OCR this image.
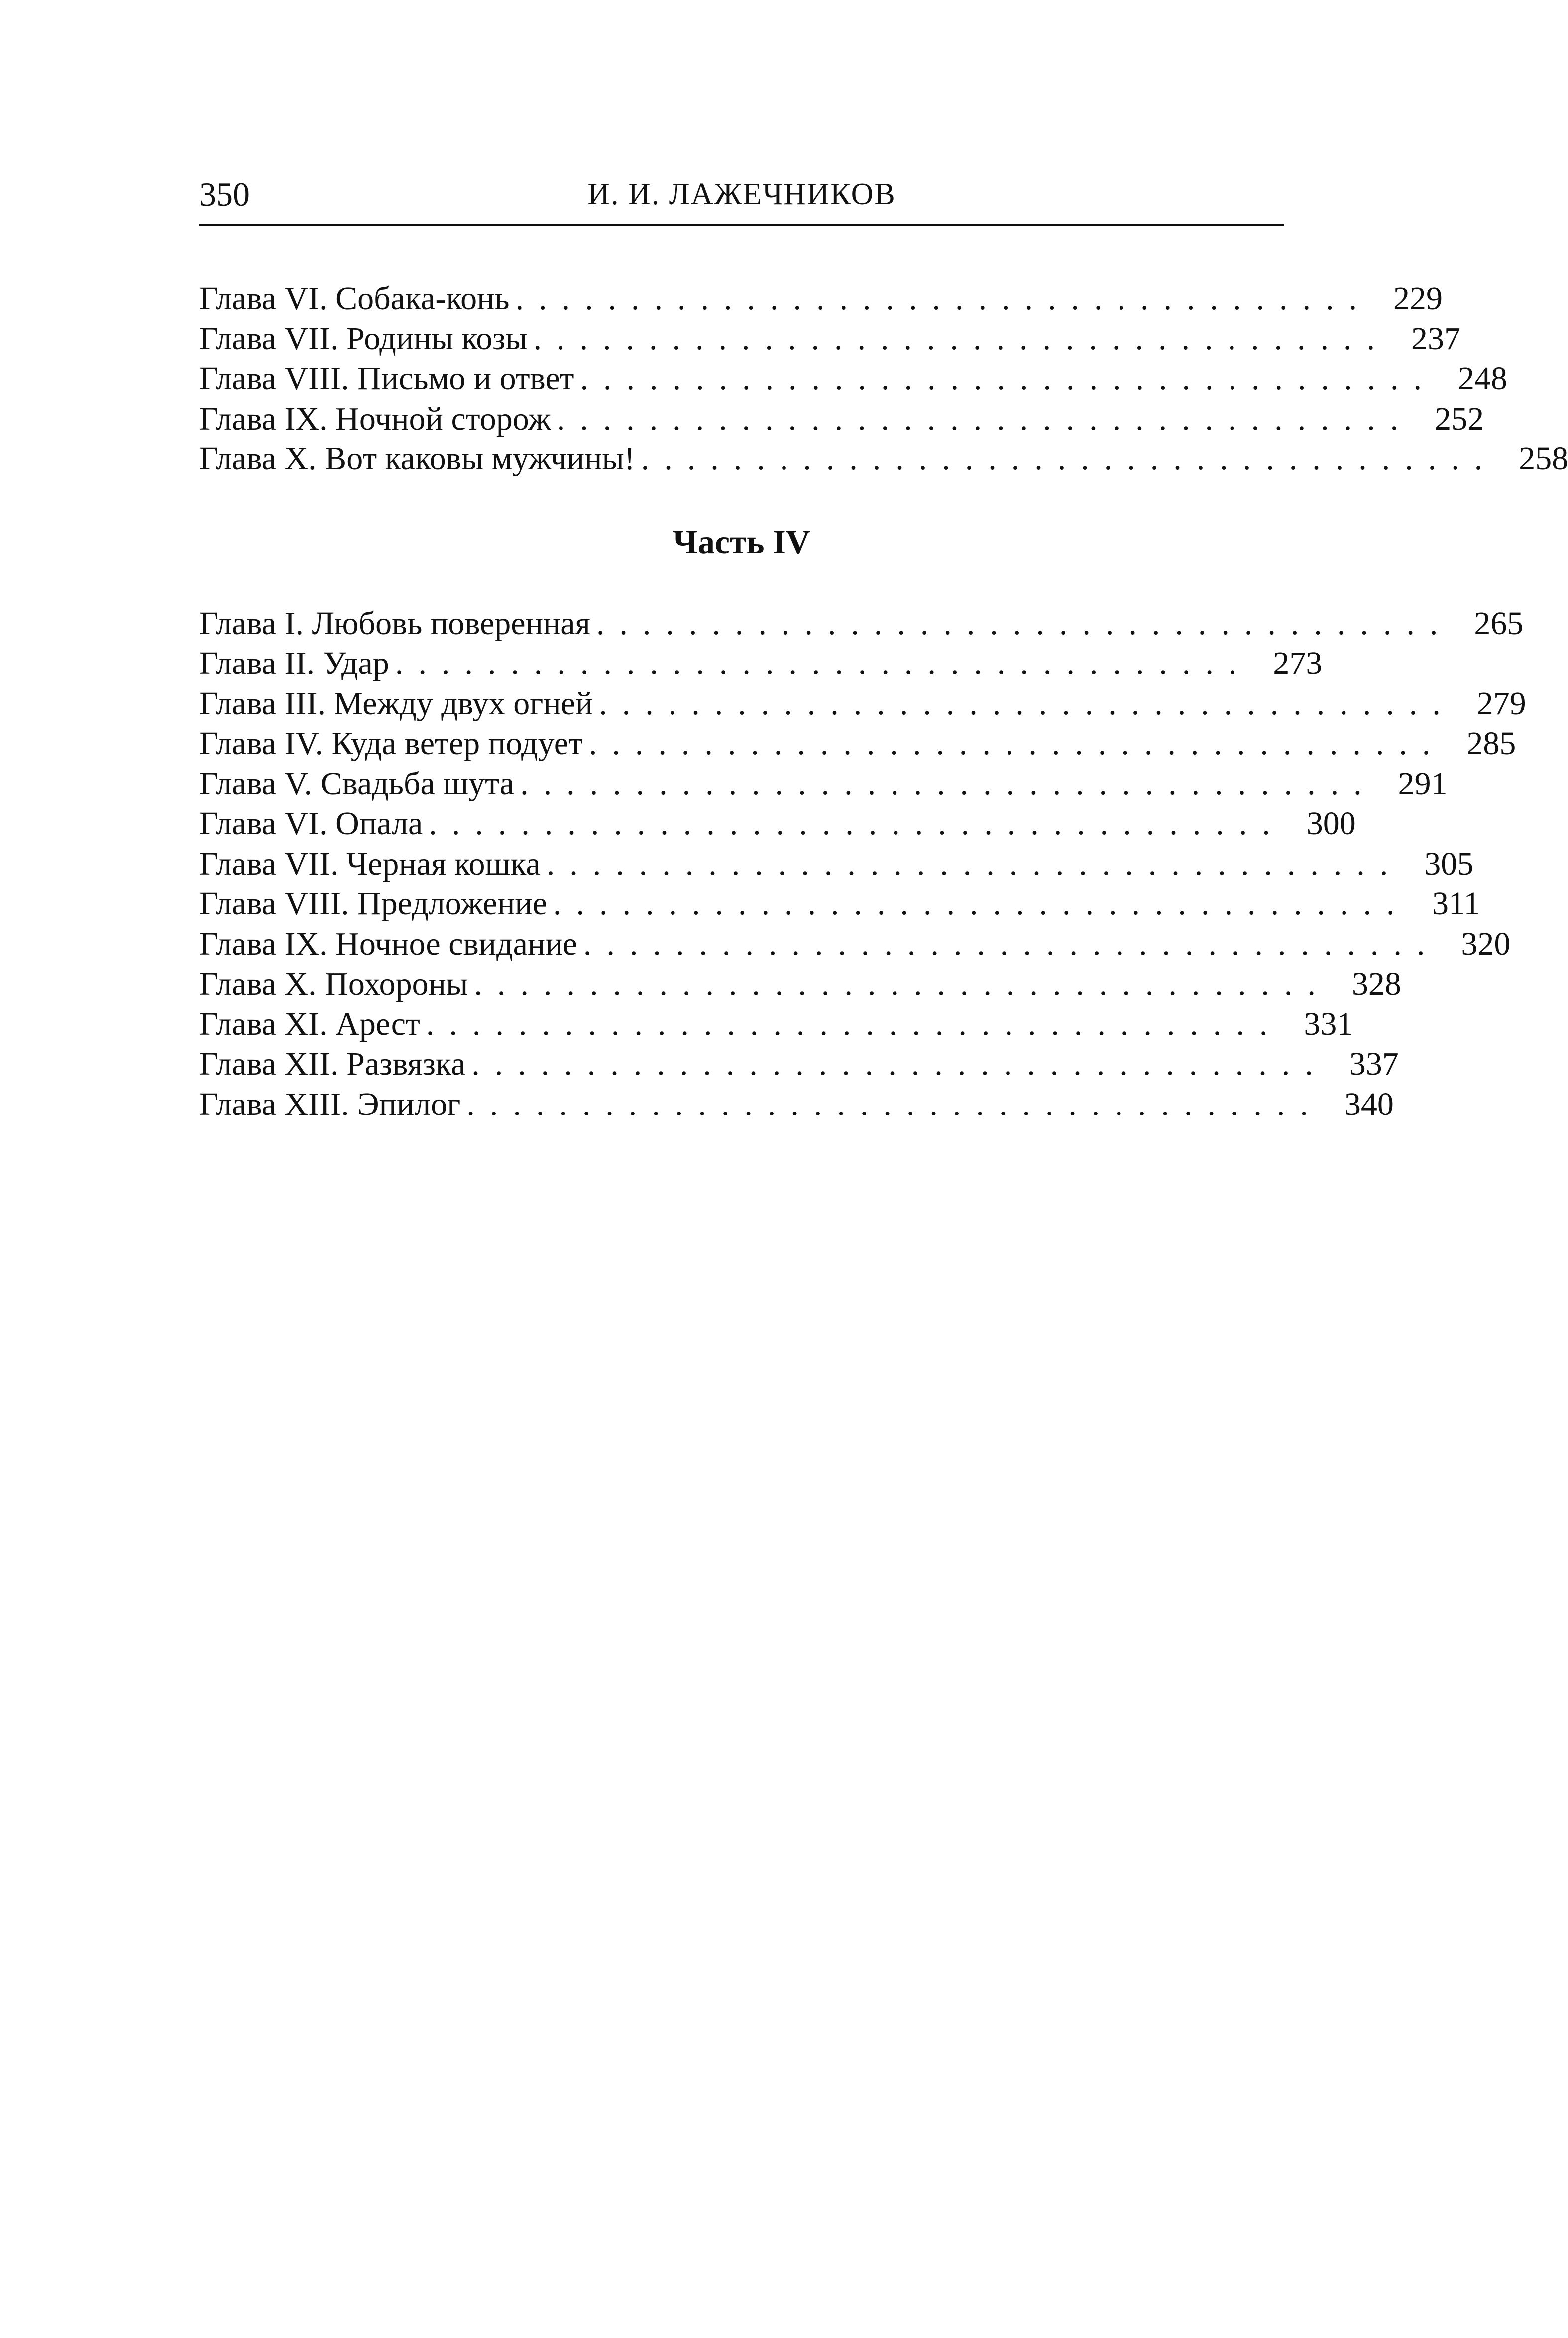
350	И. И. ЛАЖЕЧНИКОВ
Глава VI. Собака-конь ..................................... 229
Глава VII. Родины козы ..................................... 237
Глава VIII. Письмо и ответ ..................................... 248
Глава IX. Ночной сторож ..................................... 252
Глава X. Вот каковы мужчины! ..................................... 258
Часть IV
Глава I. Любовь поверенная ..................................... 265
Глава II. Удар ..................................... 273
Глава III. Между двух огней ..................................... 279
Глава IV. Куда ветер подует ..................................... 285
Глава V. Свадьба шута ..................................... 291
Глава VI. Опала ..................................... 300
Глава VII. Черная кошка ..................................... 305
Глава VIII. Предложение ..................................... 311
Глава IX. Ночное свидание ..................................... 320
Глава X. Похороны ..................................... 328
Глава XI. Арест ..................................... 331
Глава XII. Развязка ..................................... 337
Глава XIII. Эпилог ..................................... 340
